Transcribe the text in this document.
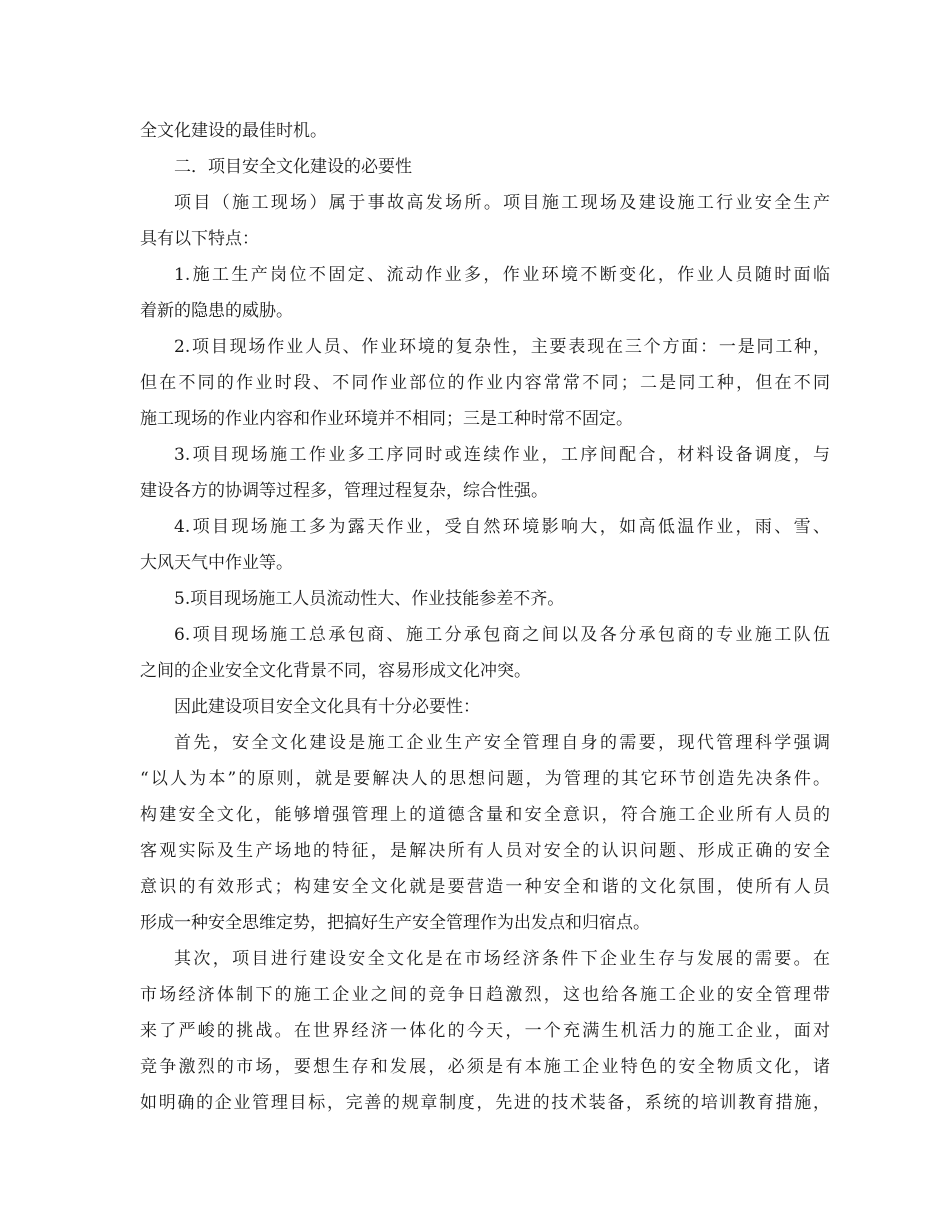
全文化建设的最佳时机。
二．项目安全文化建设的必要性
项目（施工现场）属于事故高发场所。项目施工现场及建设施工行业安全生产
具有以下特点：
1.施工生产岗位不固定、流动作业多，作业环境不断变化，作业人员随时面临
着新的隐患的威胁。
2.项目现场作业人员、作业环境的复杂性，主要表现在三个方面：一是同工种，
但在不同的作业时段、不同作业部位的作业内容常常不同；二是同工种，但在不同
施工现场的作业内容和作业环境并不相同；三是工种时常不固定。
3.项目现场施工作业多工序同时或连续作业，工序间配合，材料设备调度，与
建设各方的协调等过程多，管理过程复杂，综合性强。
4.项目现场施工多为露天作业，受自然环境影响大，如高低温作业，雨、雪、
大风天气中作业等。
5.项目现场施工人员流动性大、作业技能参差不齐。
6.项目现场施工总承包商、施工分承包商之间以及各分承包商的专业施工队伍
之间的企业安全文化背景不同，容易形成文化冲突。
因此建设项目安全文化具有十分必要性：
首先，安全文化建设是施工企业生产安全管理自身的需要，现代管理科学强调
“以人为本”的原则，就是要解决人的思想问题，为管理的其它环节创造先决条件。
构建安全文化，能够增强管理上的道德含量和安全意识，符合施工企业所有人员的
客观实际及生产场地的特征，是解决所有人员对安全的认识问题、形成正确的安全
意识的有效形式；构建安全文化就是要营造一种安全和谐的文化氛围，使所有人员
形成一种安全思维定势，把搞好生产安全管理作为出发点和归宿点。
其次，项目进行建设安全文化是在市场经济条件下企业生存与发展的需要。在
市场经济体制下的施工企业之间的竞争日趋激烈，这也给各施工企业的安全管理带
来了严峻的挑战。在世界经济一体化的今天，一个充满生机活力的施工企业，面对
竞争激烈的市场，要想生存和发展，必须是有本施工企业特色的安全物质文化，诸
如明确的企业管理目标，完善的规章制度，先进的技术装备，系统的培训教育措施，
